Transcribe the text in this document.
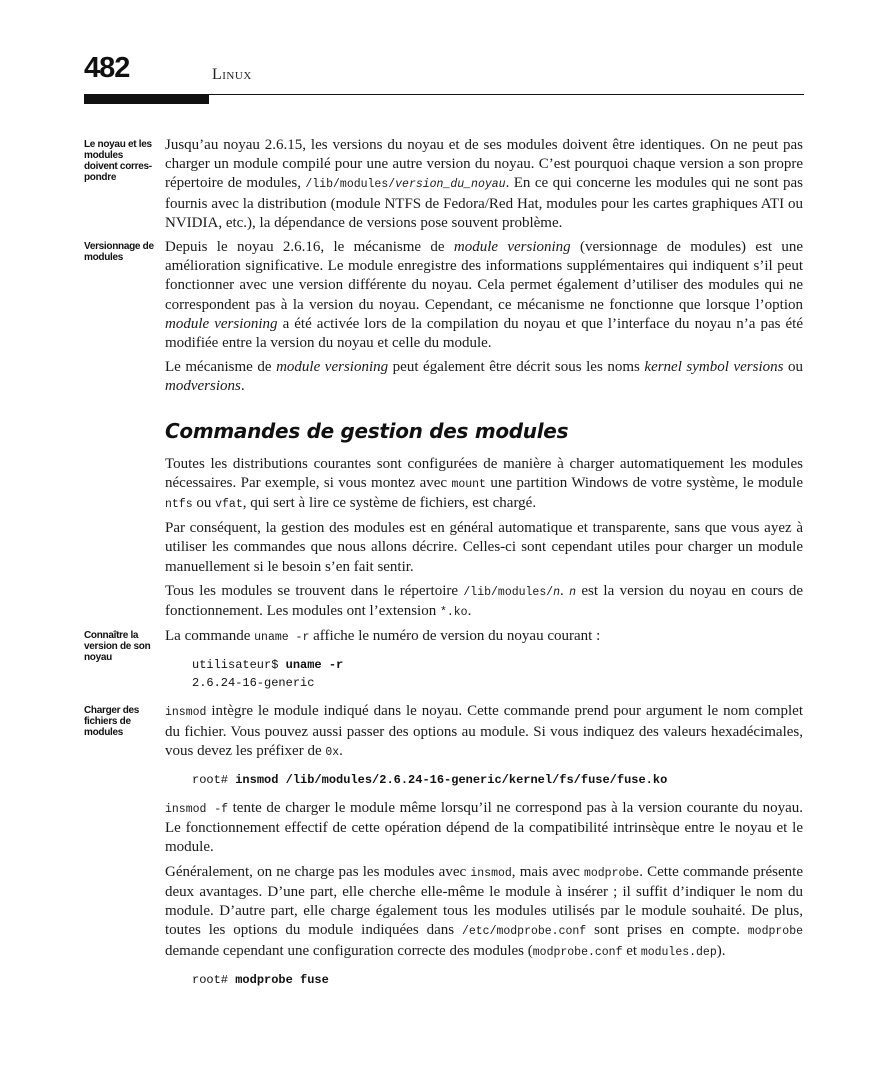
482	Linux
Le noyau et les modules doivent corres- pondre

Jusqu’au noyau 2.6.15, les versions du noyau et de ses modules doivent être identiques. On ne peut pas charger un module compilé pour une autre version du noyau. C’est pourquoi chaque version a son propre répertoire de modules, /lib/modules/version_du_noyau. En ce qui concerne les modules qui ne sont pas fournis avec la distribution (module NTFS de Fedora/Red Hat, modules pour les cartes graphiques ATI ou NVIDIA, etc.), la dépendance de versions pose souvent problème.

Versionnage de modules

Depuis le noyau 2.6.16, le mécanisme de module versioning (versionnage de modules) est une amélioration significative. Le module enregistre des informations supplémentaires qui indiquent s’il peut fonctionner avec une version différente du noyau. Cela permet également d’utiliser des modules qui ne correspondent pas à la version du noyau. Cependant, ce mécanisme ne fonctionne que lorsque l’option module versioning a été activée lors de la compilation du noyau et que l’interface du noyau n’a pas été modifiée entre la version du noyau et celle du module.

Le mécanisme de module versioning peut également être décrit sous les noms kernel symbol versions ou modversions.

Commandes de gestion des modules

Toutes les distributions courantes sont configurées de manière à charger automatiquement les modules nécessaires. Par exemple, si vous montez avec mount une partition Windows de votre système, le module ntfs ou vfat, qui sert à lire ce système de fichiers, est chargé.

Par conséquent, la gestion des modules est en général automatique et transparente, sans que vous ayez à utiliser les commandes que nous allons décrire. Celles-ci sont cependant utiles pour charger un module manuellement si le besoin s’en fait sentir.

Tous les modules se trouvent dans le répertoire /lib/modules/n. n est la version du noyau en cours de fonctionnement. Les modules ont l’extension *.ko.

Connaître la version de son noyau

La commande uname -r affiche le numéro de version du noyau courant :

utilisateur$ uname -r
2.6.24-16-generic
Charger des fichiers de modules

insmod intègre le module indiqué dans le noyau. Cette commande prend pour argument le nom complet du fichier. Vous pouvez aussi passer des options au module. Si vous indiquez des valeurs hexadécimales, vous devez les préfixer de 0x.

root# insmod /lib/modules/2.6.24-16-generic/kernel/fs/fuse/fuse.ko

insmod -f tente de charger le module même lorsqu’il ne correspond pas à la version courante du noyau. Le fonctionnement effectif de cette opération dépend de la compatibilité intrinsèque entre le noyau et le module.

Généralement, on ne charge pas les modules avec insmod, mais avec modprobe. Cette commande présente deux avantages. D’une part, elle cherche elle-même le module à insérer ; il suffit d’indiquer le nom du module. D’autre part, elle charge également tous les modules utilisés par le module souhaité. De plus, toutes les options du module indiquées dans /etc/modprobe.conf sont prises en compte. modprobe demande cependant une configuration correcte des modules (modprobe.conf et modules.dep).

root# modprobe fuse
